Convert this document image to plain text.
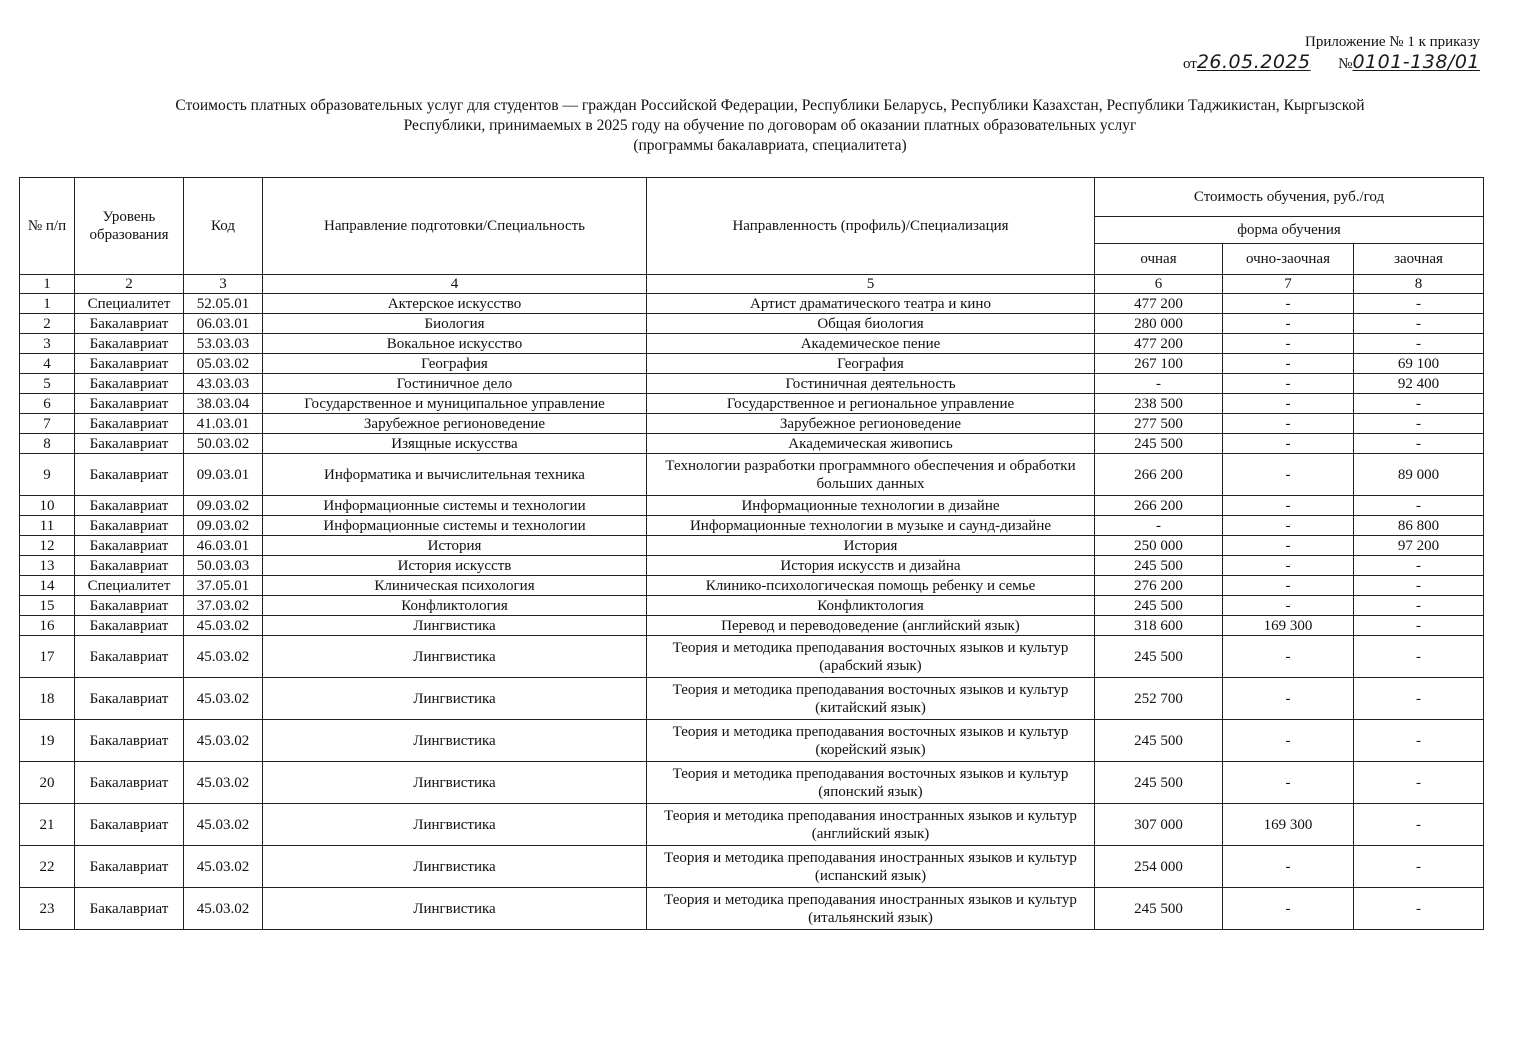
Приложение № 1 к приказу
от26.05.2025 №0101-138/01
Стоимость платных образовательных услуг для студентов — граждан Российской Федерации, Республики Беларусь, Республики Казахстан, Республики Таджикистан, Кыргызской
Республики, принимаемых в 2025 году на обучение по договорам об оказании платных образовательных услуг
(программы бакалавриата, специалитета)
№ п/п	Уровень образования	Код	Направление подготовки/Специальность	Направленность (профиль)/Специализация	Стоимость обучения, руб./год		
					форма обучения		
					очная	очно-заочная	заочная
1	2	3	4	5	6	7	8
1	Специалитет	52.05.01	Актерское искусство	Артист драматического театра и кино	477 200	-	-
2	Бакалавриат	06.03.01	Биология	Общая биология	280 000	-	-
3	Бакалавриат	53.03.03	Вокальное искусство	Академическое пение	477 200	-	-
4	Бакалавриат	05.03.02	География	География	267 100	-	69 100
5	Бакалавриат	43.03.03	Гостиничное дело	Гостиничная деятельность	-	-	92 400
6	Бакалавриат	38.03.04	Государственное и муниципальное управление	Государственное и региональное управление	238 500	-	-
7	Бакалавриат	41.03.01	Зарубежное регионоведение	Зарубежное регионоведение	277 500	-	-
8	Бакалавриат	50.03.02	Изящные искусства	Академическая живопись	245 500	-	-
9	Бакалавриат	09.03.01	Информатика и вычислительная техника	Технологии разработки программного обеспечения и обработки больших данных	266 200	-	89 000
10	Бакалавриат	09.03.02	Информационные системы и технологии	Информационные технологии в дизайне	266 200	-	-
11	Бакалавриат	09.03.02	Информационные системы и технологии	Информационные технологии в музыке и саунд-дизайне	-	-	86 800
12	Бакалавриат	46.03.01	История	История	250 000	-	97 200
13	Бакалавриат	50.03.03	История искусств	История искусств и дизайна	245 500	-	-
14	Специалитет	37.05.01	Клиническая психология	Клинико-психологическая помощь ребенку и семье	276 200	-	-
15	Бакалавриат	37.03.02	Конфликтология	Конфликтология	245 500	-	-
16	Бакалавриат	45.03.02	Лингвистика	Перевод и переводоведение (английский язык)	318 600	169 300	-
17	Бакалавриат	45.03.02	Лингвистика	Теория и методика преподавания восточных языков и культур (арабский язык)	245 500	-	-
18	Бакалавриат	45.03.02	Лингвистика	Теория и методика преподавания восточных языков и культур (китайский язык)	252 700	-	-
19	Бакалавриат	45.03.02	Лингвистика	Теория и методика преподавания восточных языков и культур (корейский язык)	245 500	-	-
20	Бакалавриат	45.03.02	Лингвистика	Теория и методика преподавания восточных языков и культур (японский язык)	245 500	-	-
21	Бакалавриат	45.03.02	Лингвистика	Теория и методика преподавания иностранных языков и культур (английский язык)	307 000	169 300	-
22	Бакалавриат	45.03.02	Лингвистика	Теория и методика преподавания иностранных языков и культур (испанский язык)	254 000	-	-
23	Бакалавриат	45.03.02	Лингвистика	Теория и методика преподавания иностранных языков и культур (итальянский язык)	245 500	-	-
